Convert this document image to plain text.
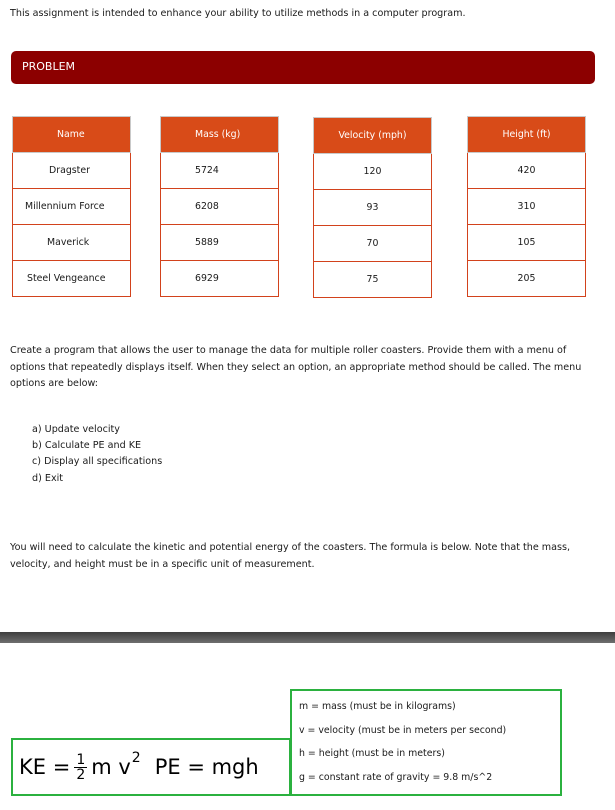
This assignment is intended to enhance your ability to utilize methods in a computer program.
PROBLEM
Name
Dragster
Millennium Force
Maverick
Steel Vengeance
Mass (kg)
5724
6208
5889
6929
Velocity (mph)
120
93
70
75
Height (ft)
420
310
105
205
Create a program that allows the user to manage the data for multiple roller coasters. Provide them with a menu of options that repeatedly displays itself. When they select an option, an appropriate method should be called. The menu options are below:
a) Update velocity
b) Calculate PE and KE
c) Display all specifications
d) Exit
You will need to calculate the kinetic and potential energy of the coasters. The formula is below. Note that the mass, velocity, and height must be in a specific unit of measurement.
m = mass (must be in kilograms)
v = velocity (must be in meters per second)
h = height (must be in meters)
g = constant rate of gravity = 9.8 m/s^2
KE = $\frac{1}{2}$ m v 2 PE = mgh
